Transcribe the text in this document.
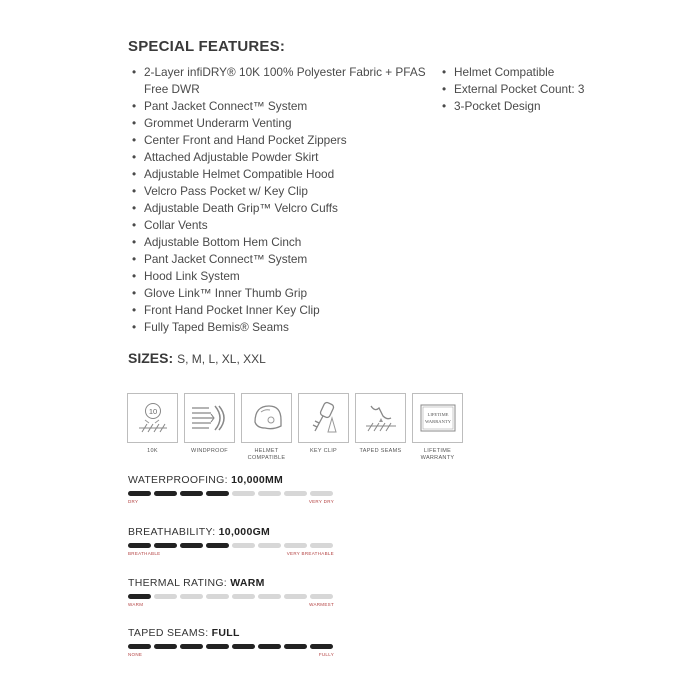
SPECIAL FEATURES:
• 2-Layer infiDRY® 10K 100% Polyester Fabric + PFAS Free DWR
• Pant Jacket Connect™ System
• Grommet Underarm Venting
• Center Front and Hand Pocket Zippers
• Attached Adjustable Powder Skirt
• Adjustable Helmet Compatible Hood
• Velcro Pass Pocket w/ Key Clip
• Adjustable Death Grip™ Velcro Cuffs
• Collar Vents
• Adjustable Bottom Hem Cinch
• Pant Jacket Connect™ System
• Hood Link System
• Glove Link™ Inner Thumb Grip
• Front Hand Pocket Inner Key Clip
• Fully Taped Bemis® Seams
• Helmet Compatible
• External Pocket Count: 3
• 3-Pocket Design
SIZES: S, M, L, XL, XXL
10
10K	WINDPROOF	HELMET COMPATIBLE
KEY CLIP	TAPED SEAMS
LIFETIME
WARRANTY
LIFETIME WARRANTY
WATERPROOFING: 10,000MM
DRY	VERY DRY
BREATHABILITY: 10,000GM
BREATHABLE	VERY BREATHABLE
THERMAL RATING: WARM
WARM	WARMEST
TAPED SEAMS: FULL
NONE	FULLY
